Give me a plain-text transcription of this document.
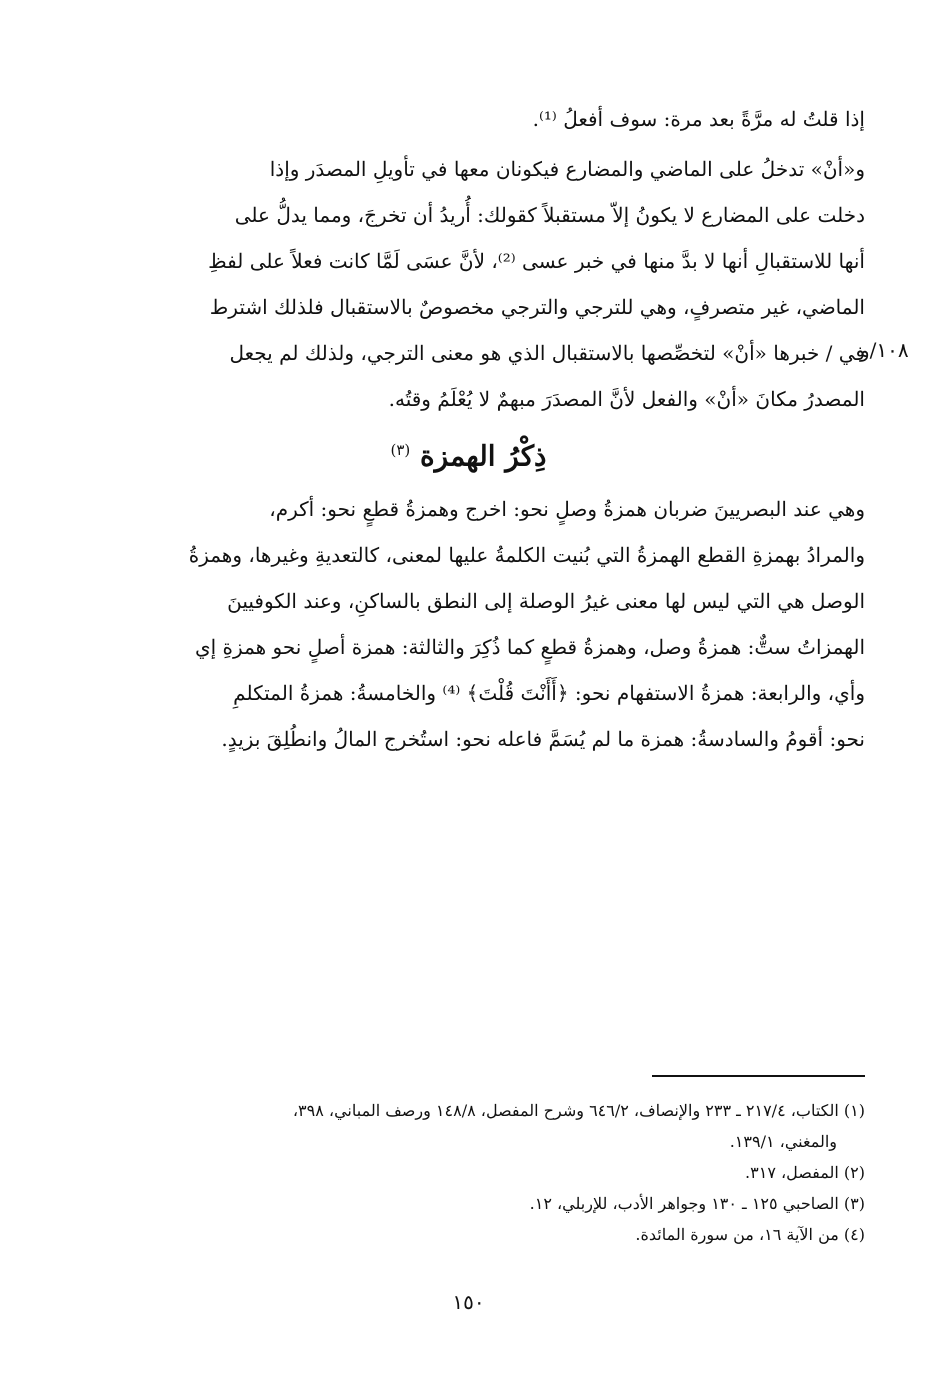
إذا قلتُ له مرَّةً بعد مرة: سوف أفعلُ ⁽¹⁾.
و«أنْ» تدخلُ على الماضي والمضارع فيكونان معها في تأويلِ المصدَر وإذا
دخلت على المضارع لا يكونُ إلاّ مستقبلاً كقولك: أُريدُ أن تخرجَ، ومما يدلُّ على
أنها للاستقبالِ أنها لا بدَّ منها في خبر عسى ⁽²⁾، لأنَّ عسَى لَمَّا كانت فعلاً على لفظِ
الماضي، غير متصرفٍ، وهي للترجي والترجي مخصوصٌ بالاستقبال فلذلك اشترط
في / خبرها «أنْ» لتخصِّصها بالاستقبال الذي هو معنى الترجي، ولذلك لم يجعل
المصدرُ مكانَ «أنْ» والفعل لأنَّ المصدَرَ مبهمٌ لا يُعْلَمُ وقتُه.
١٠٨/و
ذِكْرُ الهمزة $^{(٣)}$
وهي عند البصريينَ ضربان همزةُ وصلٍ نحو: اخرج وهمزةُ قطعٍ نحو: أكرم،
والمرادُ بهمزةِ القطع الهمزةُ التي بُنيت الكلمةُ عليها لمعنى، كالتعديةِ وغيرها، وهمزةُ
الوصل هي التي ليس لها معنى غيرُ الوصلة إلى النطق بالساكنِ، وعند الكوفيينَ
الهمزاتُ ستٌّ: همزةُ وصل، وهمزةُ قطعٍ كما ذُكِرَ والثالثة: همزة أصلٍ نحو همزةِ إي
وأي، والرابعة: همزةُ الاستفهام نحو: ﴿أَأَنْتَ قُلْتَ﴾ ⁽⁴⁾ والخامسةُ: همزةُ المتكلمِ
نحو: أقومُ والسادسةُ: همزة ما لم يُسَمَّ فاعله نحو: استُخرج المالُ وانطُلِقَ بزيدٍ.
(١) الكتاب، ٢١٧/٤ ـ ٢٣٣ والإنصاف، ٦٤٦/٢ وشرح المفصل، ١٤٨/٨ ورصف المباني، ٣٩٨،
والمغني، ١٣٩/١.
(٢) المفصل، ٣١٧.
(٣) الصاحبي ١٢٥ ـ ١٣٠ وجواهر الأدب، للإربلي، ١٢.
(٤) من الآية ١٦، من سورة المائدة.
١٥٠
